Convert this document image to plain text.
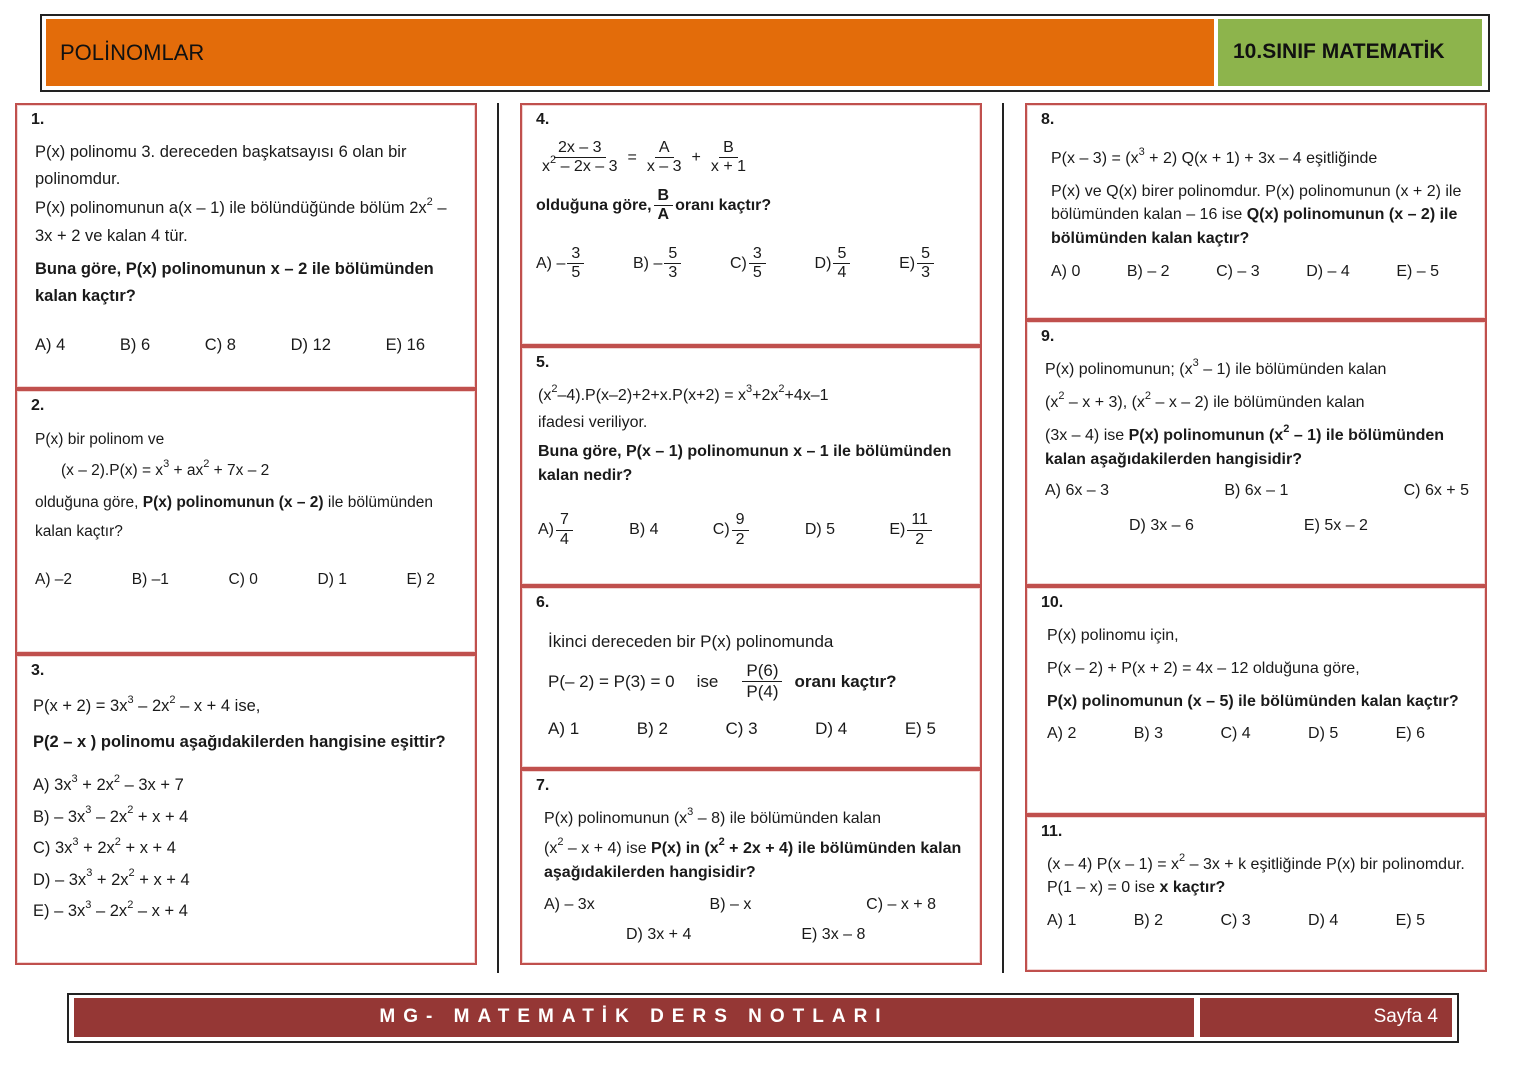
POLİNOMLAR	10.SINIF MATEMATİK
1.

P(x) polinomu 3. dereceden başkatsayısı 6 olan bir polinomdur.

P(x) polinomunun a(x – 1) ile bölündüğünde bölüm $2x^2 - 3x + 2$ ve kalan 4 tür.

Buna göre, P(x) polinomunun x – 2 ile bölümünden kalan kaçtır?

A) 4	B) 6	C) 8	D) 12	E) 16
2.

P(x) bir polinom ve

$(x - 2).P(x) = x^3 + ax^2 + 7x - 2$

olduğuna göre, P(x) polinomunun (x – 2) ile bölümünden kalan kaçtır?

A) –2	B) –1	C) 0	D) 1	E) 2
3.

$P(x + 2) = 3x^3 - 2x^2 - x + 4$ ise,

P(2 – x ) polinomu aşağıdakilerden hangisine eşittir?

A) $3x^3 + 2x^2 - 3x + 7$
$B) - 3x^3 - 2x^2 + x + 4$
C) $3x^3 + 2x^2 + x + 4$
$D) - 3x^3 + 2x^2 + x + 4$
$E) - 3x^3 - 2x^2 - x + 4$
4.
$\frac{2x - 3}{x^2 - 2x - 3} = \frac{A}{x - 3} + \frac{B}{x + 1}$
olduğuna göre, $\frac{B}{A}$ oranı kaçtır?
$A) - \frac{3}{5}$	$B) - \frac{5}{3}$	$C) \frac{3}{5}$	$D) \frac{5}{4}$	$E) \frac{5}{3}$
5.

$(x^2-4).P(x-2)+2+x.P(x+2) = x^3+2x^2+4x-1$

ifadesi veriliyor.

Buna göre, P(x – 1) polinomunun x – 1 ile bölümünden kalan nedir?

$A) \frac{7}{4}$	B) 4	$C) \frac{9}{2}$	D) 5	$E) \frac{11}{2}$
6.

İkinci dereceden bir P(x) polinomunda

P(– 2) = P(3) = 0 ise $\frac{P(6)}{P(4)}$ oranı kaçtır?
A) 1	B) 2	C) 3	D) 4	E) 5
7.

P(x) polinomunun $(x^3 - 8)$ ile bölümünden kalan

$(x^2 - x + 4)$ ise P(x) in $(x^2 + 2x + 4)$ ile bölümünden kalan aşağıdakilerden hangisidir?

A) – 3x	B) – x	C) – x + 8
D) 3x + 4	E) 3x – 8
8.

$P(x - 3) = (x^3 + 2) Q(x + 1) + 3x - 4$ eşitliğinde

P(x) ve Q(x) birer polinomdur. P(x) polinomunun (x + 2) ile bölümünden kalan – 16 ise Q(x) polinomunun (x – 2) ile bölümünden kalan kaçtır?

A) 0	B) – 2	C) – 3	D) – 4	E) – 5
9.

P(x) polinomunun; $(x^3 - 1)$ ile bölümünden kalan

$(x^2 - x + 3)$, ($x^2$ – x – 2) ile bölümünden kalan

(3x – 4) ise P(x) polinomunun $(x^2 - 1)$ ile bölümünden kalan aşağıdakilerden hangisidir?

A) 6x – 3	B) 6x – 1	C) 6x + 5
D) 3x – 6	E) 5x – 2
10.

P(x) polinomu için,

P(x – 2) + P(x + 2) = 4x – 12 olduğuna göre,

P(x) polinomunun (x – 5) ile bölümünden kalan kaçtır?

A) 2	B) 3	C) 4	D) 5	E) 6
11.

(x – 4) $P(x - 1) = x^2 - 3x + k$ eşitliğinde P(x) bir polinomdur. P(1 – x) = 0 ise x kaçtır?

A) 1	B) 2	C) 3	D) 4	E) 5
MG- MATEMATİK DERS NOTLARI	Sayfa 4
